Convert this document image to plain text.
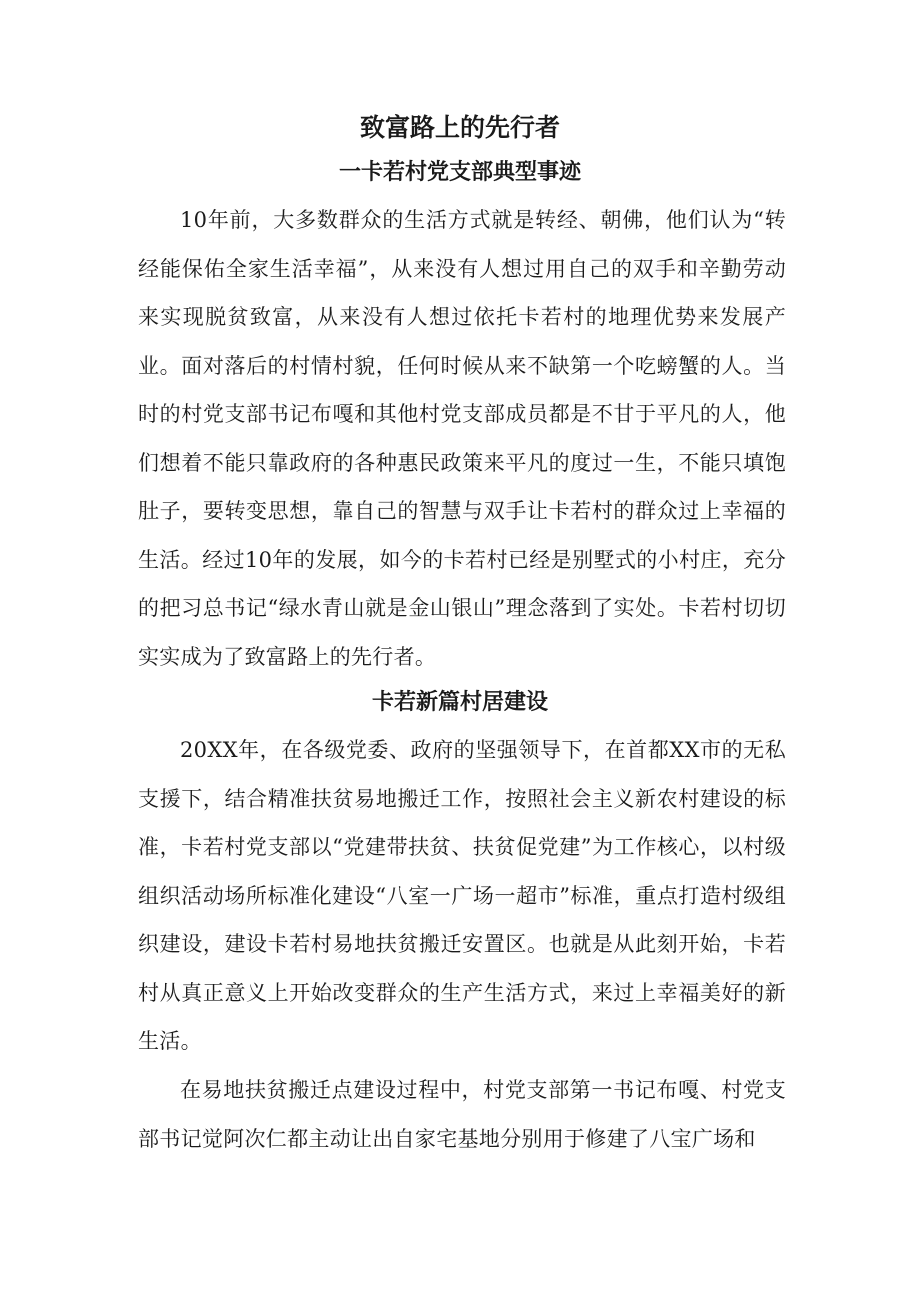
致富路上的先行者
一卡若村党支部典型事迹
10年前，大多数群众的生活方式就是转经、朝佛，他们认为“转经能保佑全家生活幸福”，从来没有人想过用自己的双手和辛勤劳动来实现脱贫致富，从来没有人想过依托卡若村的地理优势来发展产业。面对落后的村情村貌，任何时候从来不缺第一个吃螃蟹的人。当时的村党支部书记布嘎和其他村党支部成员都是不甘于平凡的人，他们想着不能只靠政府的各种惠民政策来平凡的度过一生，不能只填饱肚子，要转变思想，靠自己的智慧与双手让卡若村的群众过上幸福的生活。经过10年的发展，如今的卡若村已经是别墅式的小村庄，充分的把习总书记“绿水青山就是金山银山”理念落到了实处。卡若村切切实实成为了致富路上的先行者。
卡若新篇村居建设
20XX年，在各级党委、政府的坚强领导下，在首都XX市的无私支援下，结合精准扶贫易地搬迁工作，按照社会主义新农村建设的标准，卡若村党支部以“党建带扶贫、扶贫促党建”为工作核心，以村级组织活动场所标准化建设“八室一广场一超市”标准，重点打造村级组织建设，建设卡若村易地扶贫搬迁安置区。也就是从此刻开始，卡若村从真正意义上开始改变群众的生产生活方式，来过上幸福美好的新生活。
在易地扶贫搬迁点建设过程中，村党支部第一书记布嘎、村党支部书记觉阿次仁都主动让出自家宅基地分别用于修建了八宝广场和
